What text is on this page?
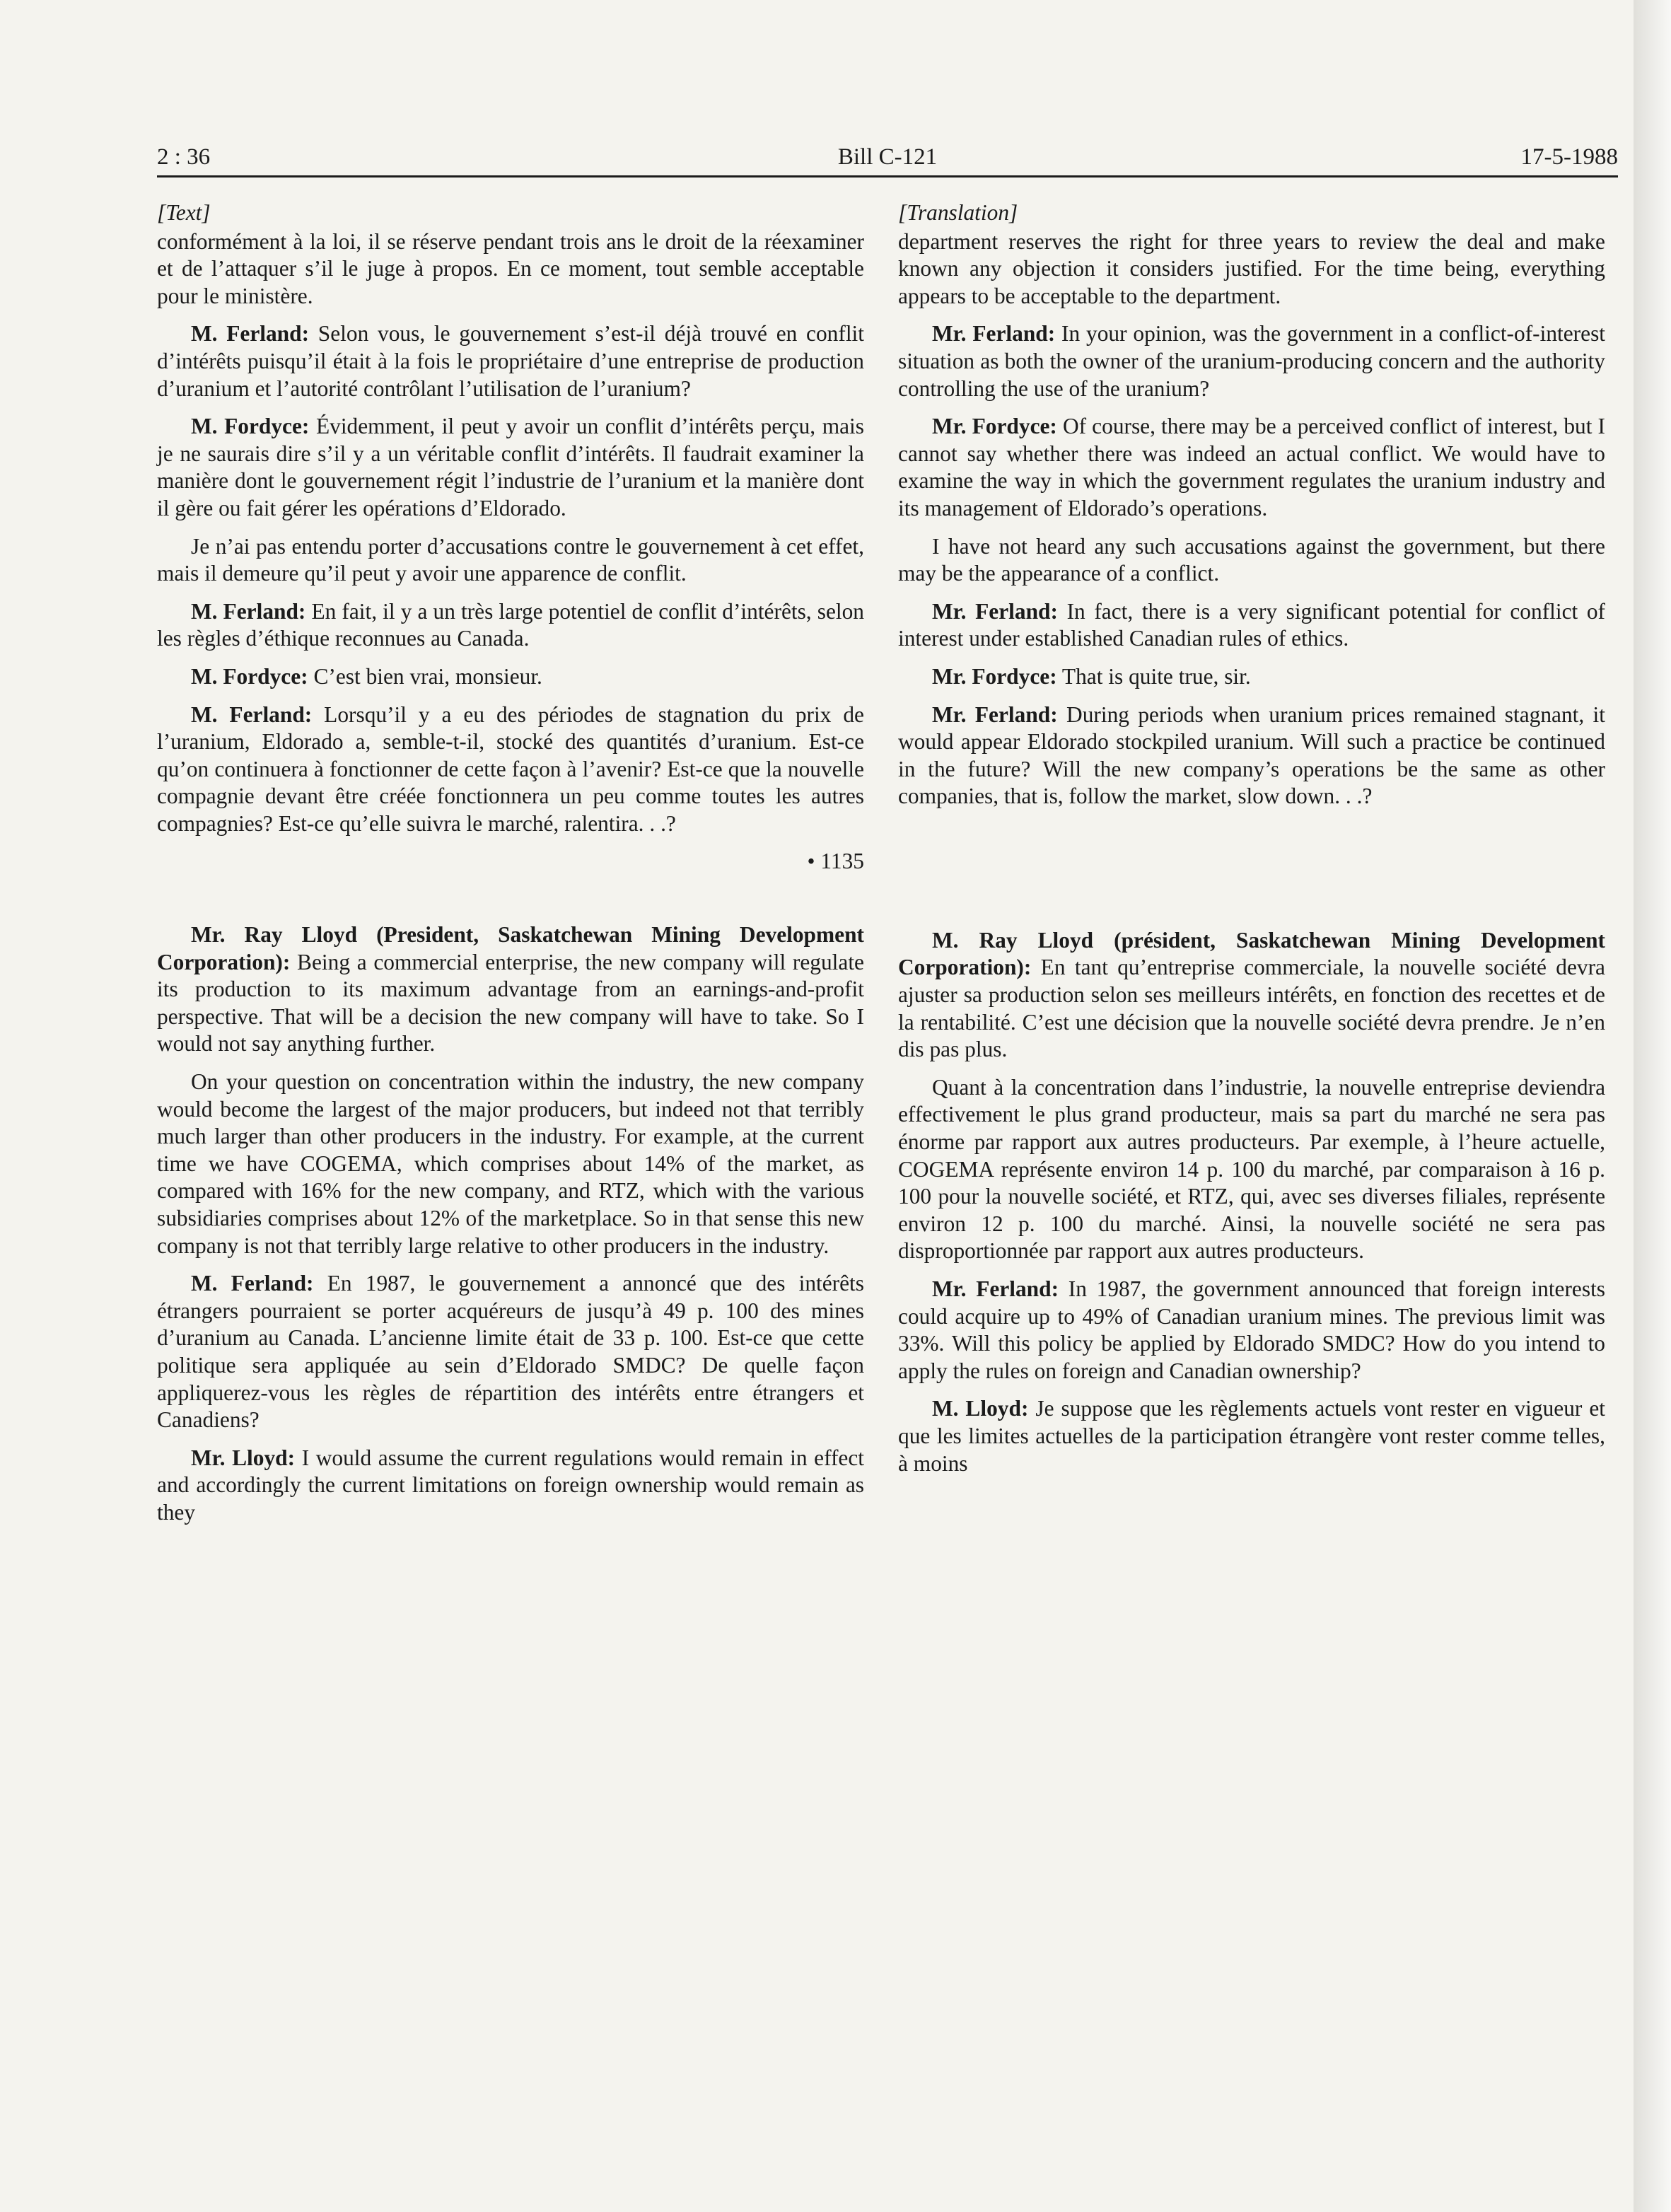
2 : 36	Bill C-121	17-5-1988
[Text]

conformément à la loi, il se réserve pendant trois ans le droit de la réexaminer et de l’attaquer s’il le juge à propos. En ce moment, tout semble acceptable pour le ministère.

M. Ferland: Selon vous, le gouvernement s’est-il déjà trouvé en conflit d’intérêts puisqu’il était à la fois le propriétaire d’une entreprise de production d’uranium et l’autorité contrôlant l’utilisation de l’uranium?

M. Fordyce: Évidemment, il peut y avoir un conflit d’intérêts perçu, mais je ne saurais dire s’il y a un véritable conflit d’intérêts. Il faudrait examiner la manière dont le gouvernement régit l’industrie de l’uranium et la manière dont il gère ou fait gérer les opérations d’Eldorado.

Je n’ai pas entendu porter d’accusations contre le gouvernement à cet effet, mais il demeure qu’il peut y avoir une apparence de conflit.

M. Ferland: En fait, il y a un très large potentiel de conflit d’intérêts, selon les règles d’éthique reconnues au Canada.

M. Fordyce: C’est bien vrai, monsieur.

M. Ferland: Lorsqu’il y a eu des périodes de stagnation du prix de l’uranium, Eldorado a, semble-t-il, stocké des quantités d’uranium. Est-ce qu’on continuera à fonctionner de cette façon à l’avenir? Est-ce que la nouvelle compagnie devant être créée fonctionnera un peu comme toutes les autres compagnies? Est-ce qu’elle suivra le marché, ralentira. . .?

• 1135

Mr. Ray Lloyd (President, Saskatchewan Mining Development Corporation): Being a commercial enterprise, the new company will regulate its production to its maximum advantage from an earnings-and-profit perspective. That will be a decision the new company will have to take. So I would not say anything further.

On your question on concentration within the industry, the new company would become the largest of the major producers, but indeed not that terribly much larger than other producers in the industry. For example, at the current time we have COGEMA, which comprises about 14% of the market, as compared with 16% for the new company, and RTZ, which with the various subsidiaries comprises about 12% of the marketplace. So in that sense this new company is not that terribly large relative to other producers in the industry.

M. Ferland: En 1987, le gouvernement a annoncé que des intérêts étrangers pourraient se porter acquéreurs de jusqu’à 49 p. 100 des mines d’uranium au Canada. L’ancienne limite était de 33 p. 100. Est-ce que cette politique sera appliquée au sein d’Eldorado SMDC? De quelle façon appliquerez-vous les règles de répartition des intérêts entre étrangers et Canadiens?

Mr. Lloyd: I would assume the current regulations would remain in effect and accordingly the current limitations on foreign ownership would remain as they

[Translation]

department reserves the right for three years to review the deal and make known any objection it considers justified. For the time being, everything appears to be acceptable to the department.

Mr. Ferland: In your opinion, was the government in a conflict-of-interest situation as both the owner of the uranium-producing concern and the authority controlling the use of the uranium?

Mr. Fordyce: Of course, there may be a perceived conflict of interest, but I cannot say whether there was indeed an actual conflict. We would have to examine the way in which the government regulates the uranium industry and its management of Eldorado’s operations.

I have not heard any such accusations against the government, but there may be the appearance of a conflict.

Mr. Ferland: In fact, there is a very significant potential for conflict of interest under established Canadian rules of ethics.

Mr. Fordyce: That is quite true, sir.

Mr. Ferland: During periods when uranium prices remained stagnant, it would appear Eldorado stockpiled uranium. Will such a practice be continued in the future? Will the new company’s operations be the same as other companies, that is, follow the market, slow down. . .?

M. Ray Lloyd (président, Saskatchewan Mining Development Corporation): En tant qu’entreprise commerciale, la nouvelle société devra ajuster sa production selon ses meilleurs intérêts, en fonction des recettes et de la rentabilité. C’est une décision que la nouvelle société devra prendre. Je n’en dis pas plus.

Quant à la concentration dans l’industrie, la nouvelle entreprise deviendra effectivement le plus grand producteur, mais sa part du marché ne sera pas énorme par rapport aux autres producteurs. Par exemple, à l’heure actuelle, COGEMA représente environ 14 p. 100 du marché, par comparaison à 16 p. 100 pour la nouvelle société, et RTZ, qui, avec ses diverses filiales, représente environ 12 p. 100 du marché. Ainsi, la nouvelle société ne sera pas disproportionnée par rapport aux autres producteurs.

Mr. Ferland: In 1987, the government announced that foreign interests could acquire up to 49% of Canadian uranium mines. The previous limit was 33%. Will this policy be applied by Eldorado SMDC? How do you intend to apply the rules on foreign and Canadian ownership?

M. Lloyd: Je suppose que les règlements actuels vont rester en vigueur et que les limites actuelles de la participation étrangère vont rester comme telles, à moins
